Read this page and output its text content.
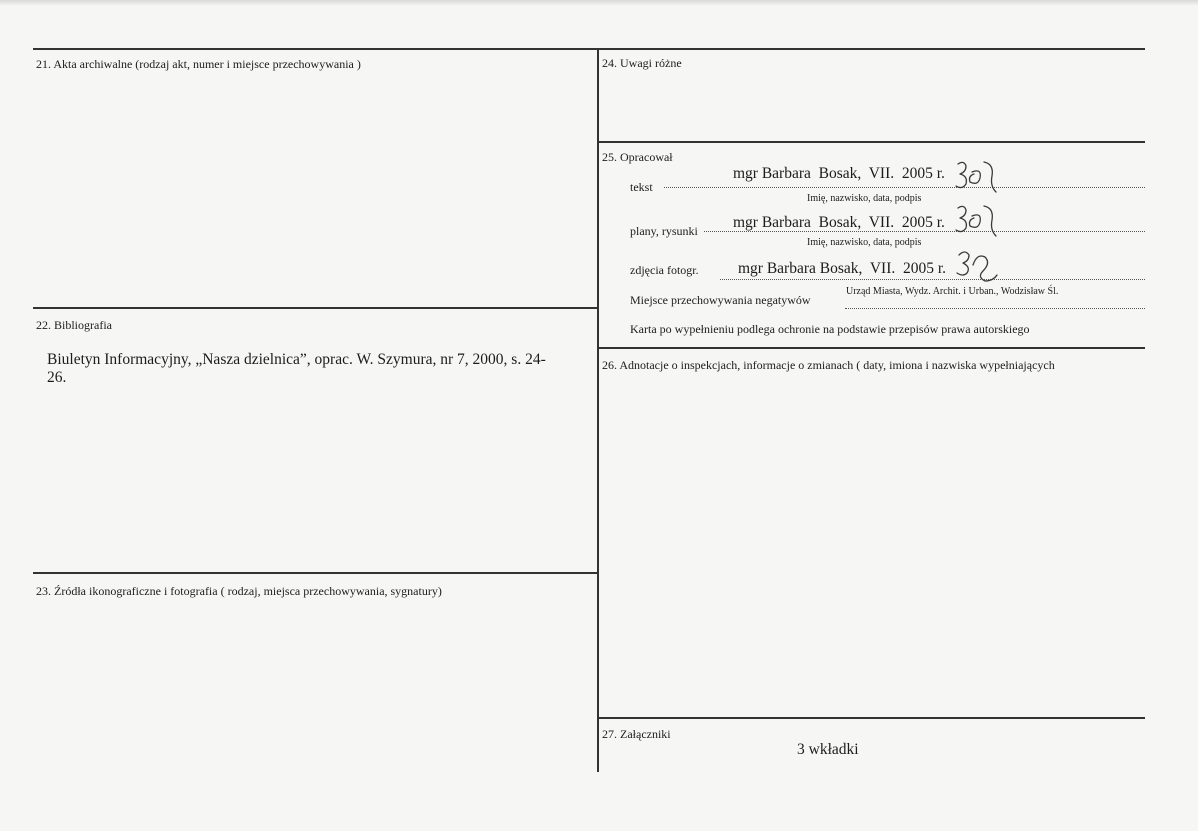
21. Akta archiwalne (rodzaj akt, numer i miejsce przechowywania )
22. Bibliografia
Biuletyn Informacyjny, „Nasza dzielnica”, oprac. W. Szymura, nr 7, 2000, s. 24-
26.
23. Źródła ikonograficzne i fotografia ( rodzaj, miejsca przechowywania, sygnatury)
24. Uwagi różne
25. Opracował
tekst
mgr Barbara  Bosak,  VII.  2005 r.
Imię, nazwisko, data, podpis
plany, rysunki mgr Barbara  Bosak,  VII.  2005 r.
Imię, nazwisko, data, podpis
zdjęcia fotogr.	mgr Barbara Bosak,  VII.  2005 r.
Miejsce przechowywania negatywów
Urząd Miasta, Wydz. Archit. i Urban., Wodzisław Śl.
Karta po wypełnieniu podlega ochronie na podstawie przepisów prawa autorskiego
26. Adnotacje o inspekcjach, informacje o zmianach ( daty, imiona i nazwiska wypełniających
27. Załączniki
3 wkładki
